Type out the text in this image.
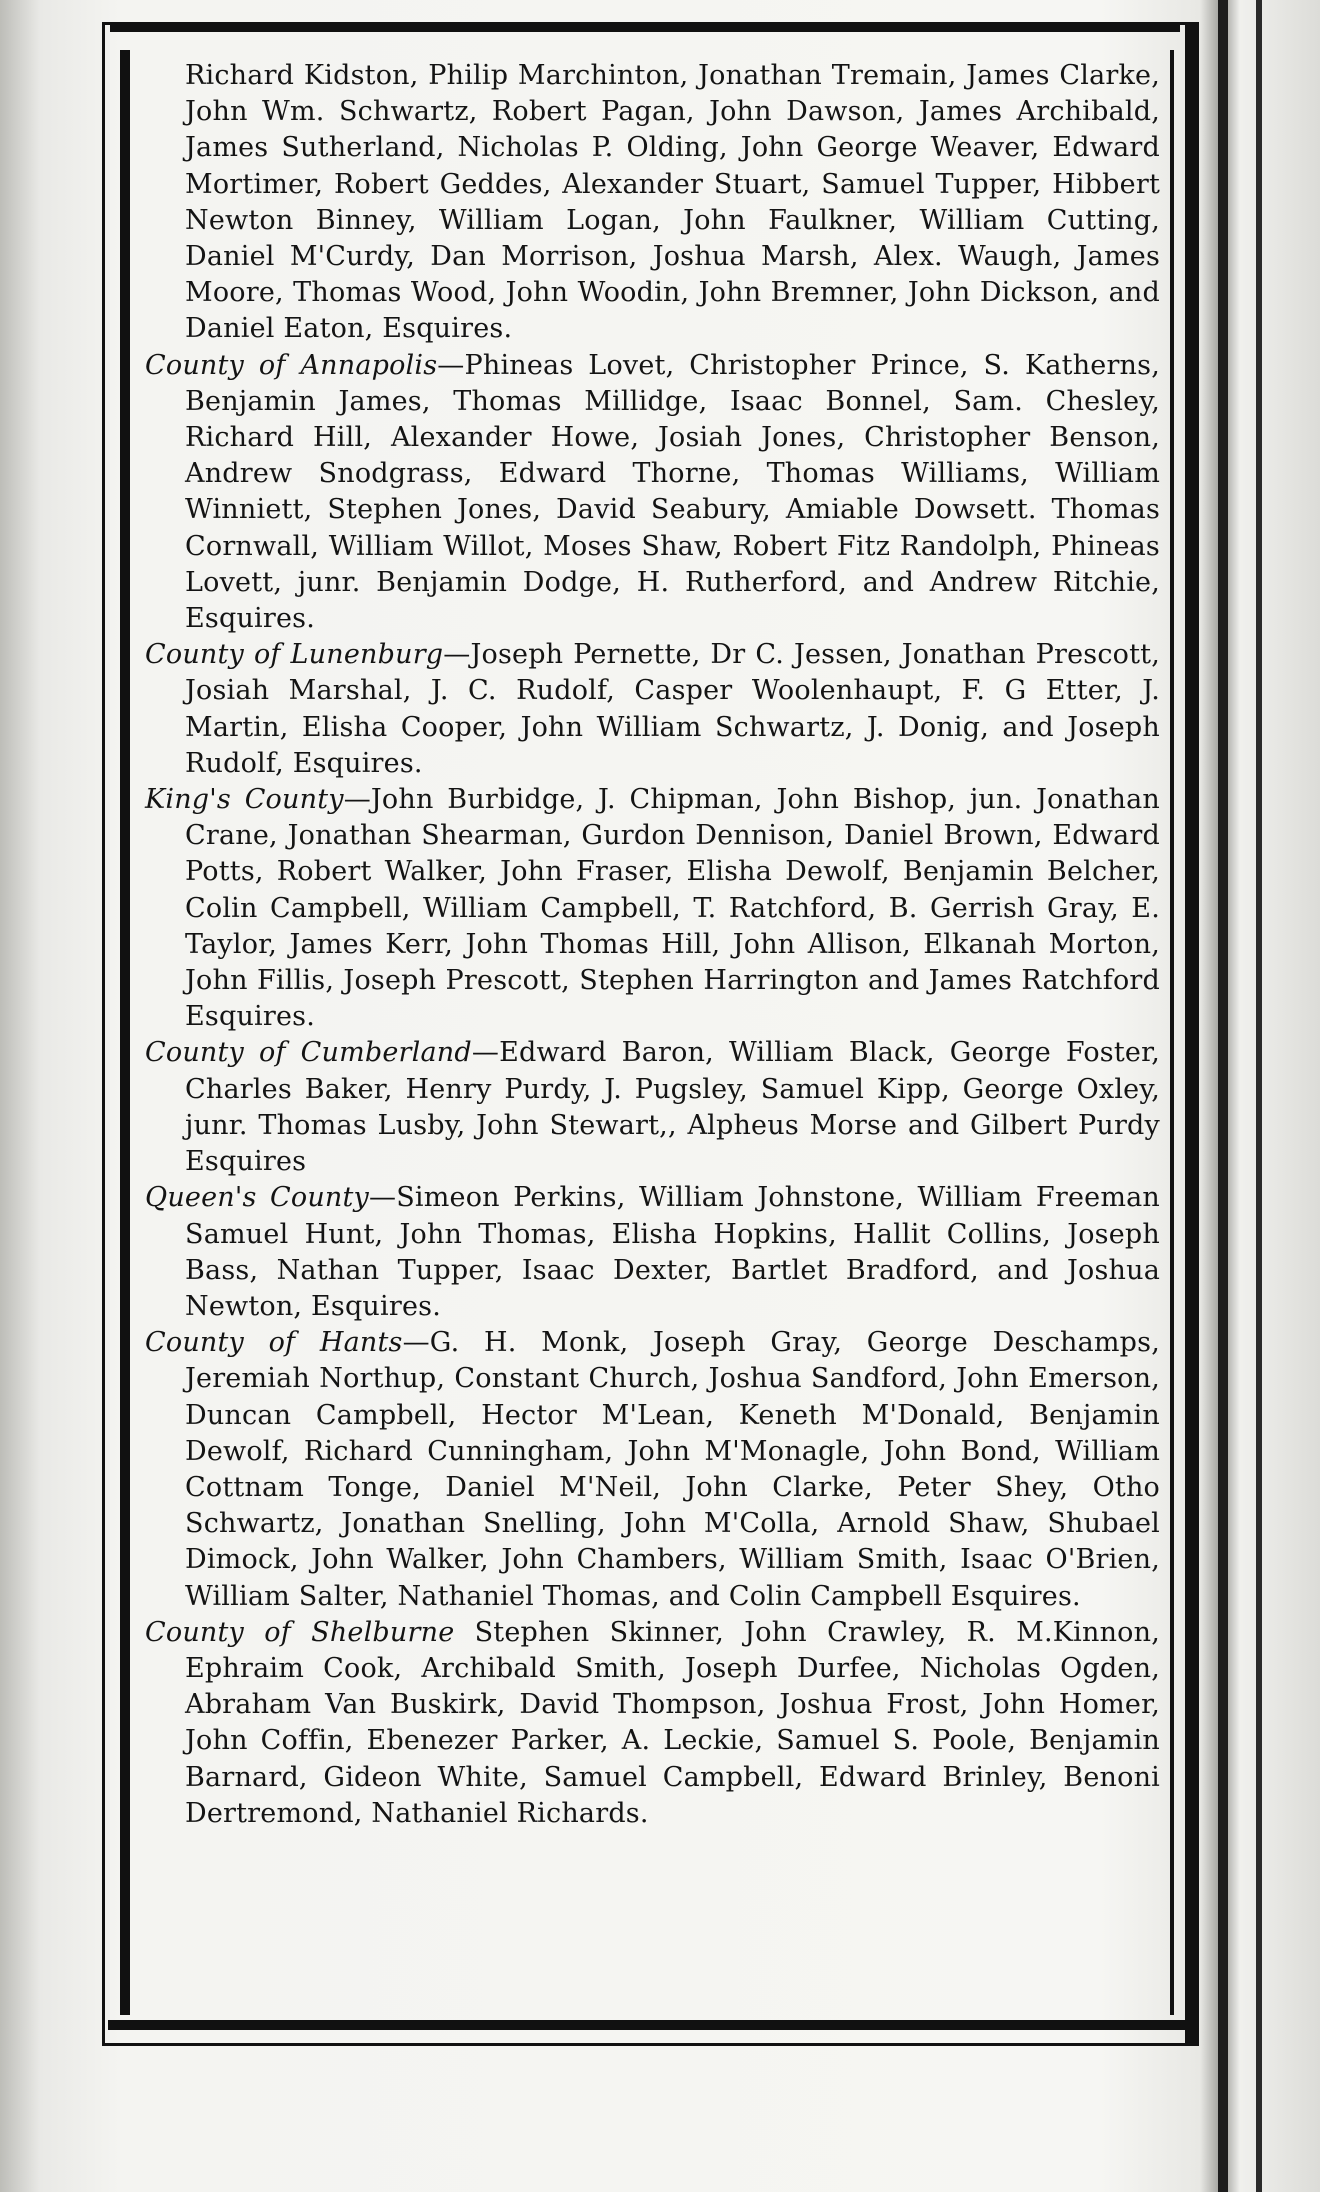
Richard Kidston, Philip Marchinton, Jonathan Tremain, James Clarke, John Wm. Schwartz, Robert Pagan, John Dawson, James Archibald, James Sutherland, Nicholas P. Olding, John George Weaver, Edward Mortimer, Robert Geddes, Alexander Stuart, Samuel Tupper, Hibbert Newton Binney, William Logan, John Faulkner, William Cutting, Daniel M'Curdy, Dan Morrison, Joshua Marsh, Alex. Waugh, James Moore, Thomas Wood, John Woodin, John Bremner, John Dickson, and Daniel Eaton, Esquires.

County of Annapolis—Phineas Lovet, Christopher Prince, S. Katherns, Benjamin James, Thomas Millidge, Isaac Bonnel, Sam. Chesley, Richard Hill, Alexander Howe, Josiah Jones, Christopher Benson, Andrew Snodgrass, Edward Thorne, Thomas Williams, William Winniett, Stephen Jones, David Seabury, Amiable Dowsett. Thomas Cornwall, William Willot, Moses Shaw, Robert Fitz Randolph, Phineas Lovett, junr. Benjamin Dodge, H. Rutherford, and Andrew Ritchie, Esquires.

County of Lunenburg—Joseph Pernette, Dr C. Jessen, Jonathan Prescott, Josiah Marshal, J. C. Rudolf, Casper Woolenhaupt, F. G Etter, J. Martin, Elisha Cooper, John William Schwartz, J. Donig, and Joseph Rudolf, Esquires.

King's County—John Burbidge, J. Chipman, John Bishop, jun. Jonathan Crane, Jonathan Shearman, Gurdon Dennison, Daniel Brown, Edward Potts, Robert Walker, John Fraser, Elisha Dewolf, Benjamin Belcher, Colin Campbell, William Campbell, T. Ratchford, B. Gerrish Gray, E. Taylor, James Kerr, John Thomas Hill, John Allison, Elkanah Morton, John Fillis, Joseph Prescott, Stephen Harrington and James Ratchford Esquires.

County of Cumberland—Edward Baron, William Black, George Foster, Charles Baker, Henry Purdy, J. Pugsley, Samuel Kipp, George Oxley, junr. Thomas Lusby, John Stewart,, Alpheus Morse and Gilbert Purdy Esquires

Queen's County—Simeon Perkins, William Johnstone, William Freeman Samuel Hunt, John Thomas, Elisha Hopkins, Hallit Collins, Joseph Bass, Nathan Tupper, Isaac Dexter, Bartlet Bradford, and Joshua Newton, Esquires.

County of Hants—G. H. Monk, Joseph Gray, George Deschamps, Jeremiah Northup, Constant Church, Joshua Sandford, John Emerson, Duncan Campbell, Hector M'Lean, Keneth M'Donald, Benjamin Dewolf, Richard Cunningham, John M'Monagle, John Bond, William Cottnam Tonge, Daniel M'Neil, John Clarke, Peter Shey, Otho Schwartz, Jonathan Snelling, John M'Colla, Arnold Shaw, Shubael Dimock, John Walker, John Chambers, William Smith, Isaac O'Brien, William Salter, Nathaniel Thomas, and Colin Campbell Esquires.

County of Shelburne Stephen Skinner, John Crawley, R. M.Kinnon, Ephraim Cook, Archibald Smith, Joseph Durfee, Nicholas Ogden, Abraham Van Buskirk, David Thompson, Joshua Frost, John Homer, John Coffin, Ebenezer Parker, A. Leckie, Samuel S. Poole, Benjamin Barnard, Gideon White, Samuel Campbell, Edward Brinley, Benoni Dertremond, Nathaniel Richards.
